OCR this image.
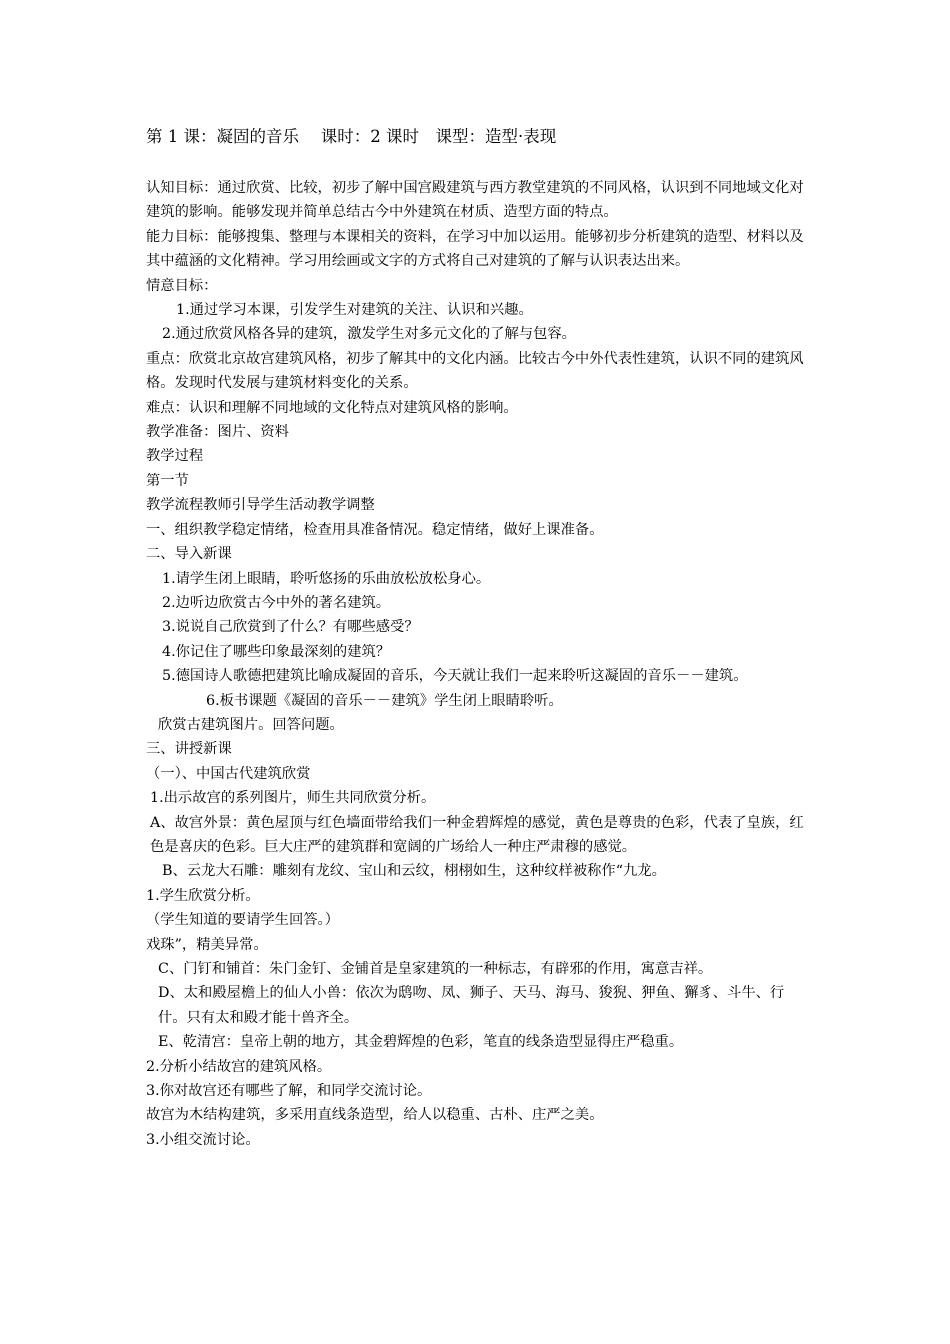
第 1 课：凝固的音乐　 课时：2 课时　课型：造型·表现

认知目标：通过欣赏、比较，初步了解中国宫殿建筑与西方教堂建筑的不同风格，认识到不同地域文化对建筑的影响。能够发现并简单总结古今中外建筑在材质、造型方面的特点。

能力目标：能够搜集、整理与本课相关的资料，在学习中加以运用。能够初步分析建筑的造型、材料以及其中蕴涵的文化精神。学习用绘画或文字的方式将自己对建筑的了解与认识表达出来。

情意目标：

1.通过学习本课，引发学生对建筑的关注、认识和兴趣。

2.通过欣赏风格各异的建筑，激发学生对多元文化的了解与包容。

重点：欣赏北京故宫建筑风格，初步了解其中的文化内涵。比较古今中外代表性建筑，认识不同的建筑风格。发现时代发展与建筑材料变化的关系。

难点：认识和理解不同地域的文化特点对建筑风格的影响。

教学准备：图片、资料

教学过程

第一节

教学流程教师引导学生活动教学调整

一、组织教学稳定情绪，检查用具准备情况。稳定情绪，做好上课准备。

二、导入新课

1.请学生闭上眼睛，聆听悠扬的乐曲放松放松身心。

2.边听边欣赏古今中外的著名建筑。

3.说说自己欣赏到了什么？有哪些感受？

4.你记住了哪些印象最深刻的建筑？

5.德国诗人歌德把建筑比喻成凝固的音乐，今天就让我们一起来聆听这凝固的音乐－－建筑。

6.板书课题《凝固的音乐－－建筑》学生闭上眼睛聆听。

欣赏古建筑图片。回答问题。

三、讲授新课

（一）、中国古代建筑欣赏

1.出示故宫的系列图片，师生共同欣赏分析。

A、故宫外景：黄色屋顶与红色墙面带给我们一种金碧辉煌的感觉，黄色是尊贵的色彩，代表了皇族，红色是喜庆的色彩。巨大庄严的建筑群和宽阔的广场给人一种庄严肃穆的感觉。

B、云龙大石雕：雕刻有龙纹、宝山和云纹，栩栩如生，这种纹样被称作“九龙。

1.学生欣赏分析。

（学生知道的要请学生回答。）

戏珠”，精美异常。

C、门钉和铺首：朱门金钉、金铺首是皇家建筑的一种标志，有辟邪的作用，寓意吉祥。

D、太和殿屋檐上的仙人小兽：依次为鸱吻、凤、狮子、天马、海马、狻猊、狎鱼、獬豸、斗牛、行什。只有太和殿才能十兽齐全。

E、乾清宫：皇帝上朝的地方，其金碧辉煌的色彩，笔直的线条造型显得庄严稳重。

2.分析小结故宫的建筑风格。

3.你对故宫还有哪些了解，和同学交流讨论。

故宫为木结构建筑，多采用直线条造型，给人以稳重、古朴、庄严之美。

3.小组交流讨论。
